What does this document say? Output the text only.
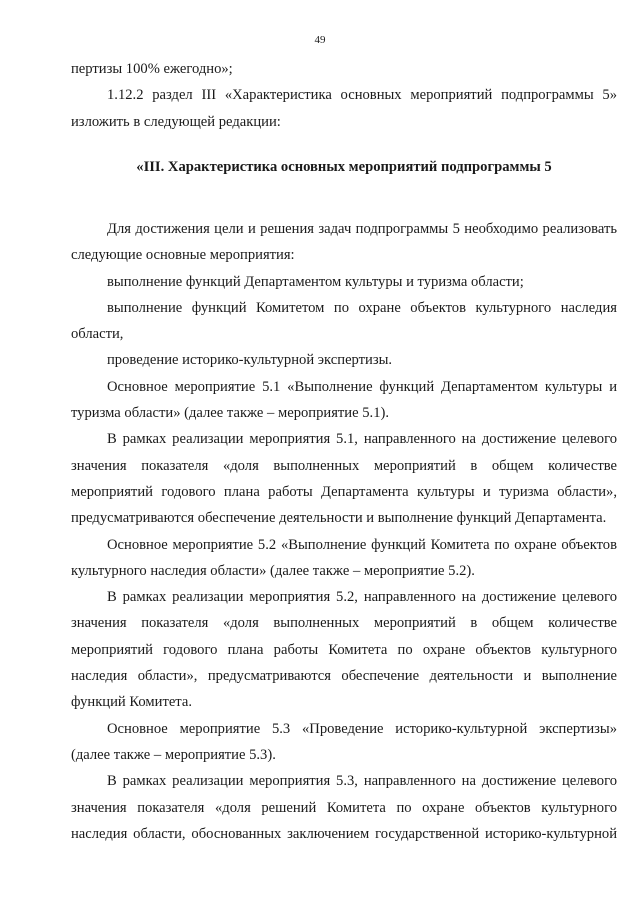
49

пертизы 100% ежегодно»;

1.12.2 раздел III «Характеристика основных мероприятий подпрограммы 5» изложить в следующей редакции:

«III. Характеристика основных мероприятий подпрограммы 5

Для достижения цели и решения задач подпрограммы 5 необходимо реализовать следующие основные мероприятия:

выполнение функций Департаментом культуры и туризма области;

выполнение функций Комитетом по охране объектов культурного наследия области,

проведение историко-культурной экспертизы.

Основное мероприятие 5.1 «Выполнение функций Департаментом культуры и туризма области» (далее также – мероприятие 5.1).

В рамках реализации мероприятия 5.1, направленного на достижение целевого значения показателя «доля выполненных мероприятий в общем количестве мероприятий годового плана работы Департамента культуры и туризма области», предусматриваются обеспечение деятельности и выполнение функций Департамента.

Основное мероприятие 5.2 «Выполнение функций Комитета по охране объектов культурного наследия области» (далее также – мероприятие 5.2).

В рамках реализации мероприятия 5.2, направленного на достижение целевого значения показателя «доля выполненных мероприятий в общем количестве мероприятий годового плана работы Комитета по охране объектов культурного наследия области», предусматриваются обеспечение деятельности и выполнение функций Комитета.

Основное мероприятие 5.3 «Проведение историко-культурной экспертизы» (далее также – мероприятие 5.3).

В рамках реализации мероприятия 5.3, направленного на достижение целевого значения показателя «доля решений Комитета по охране объектов культурного наследия области, обоснованных заключением государственной историко-культурной
